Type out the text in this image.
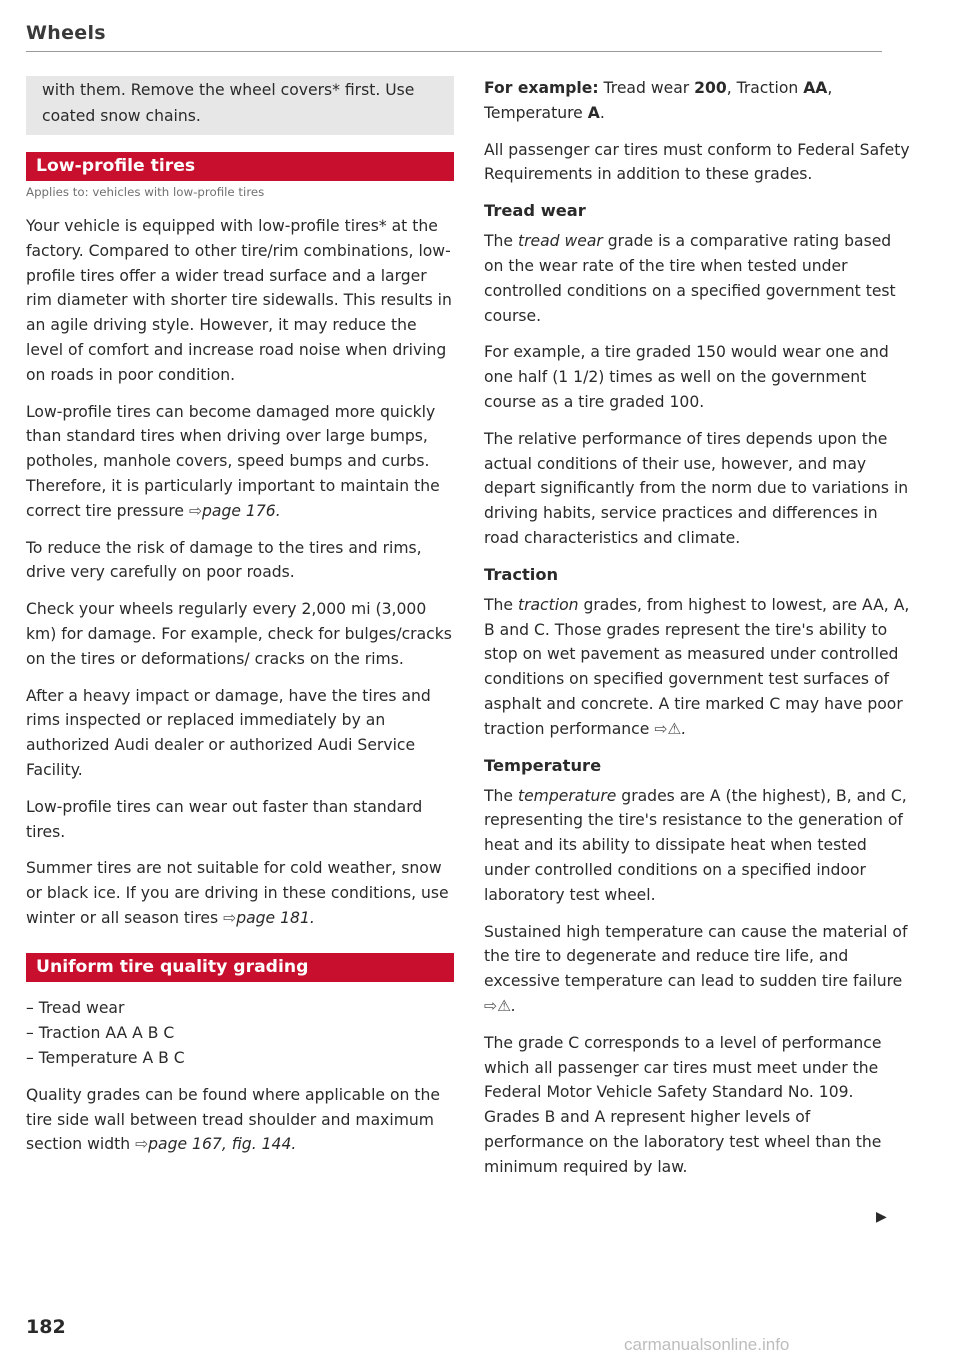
Wheels
with them. Remove the wheel covers* first. Use coated snow chains.
Low-profile tires
Applies to: vehicles with low-profile tires

Your vehicle is equipped with low-profile tires* at the factory. Compared to other tire/rim combinations, low-profile tires offer a wider tread surface and a larger rim diameter with shorter tire sidewalls. This results in an agile driving style. However, it may reduce the level of comfort and increase road noise when driving on roads in poor condition.

Low-profile tires can become damaged more quickly than standard tires when driving over large bumps, potholes, manhole covers, speed bumps and curbs. Therefore, it is particularly important to maintain the correct tire pressure ⇨page 176.

To reduce the risk of damage to the tires and rims, drive very carefully on poor roads.

Check your wheels regularly every 2,000 mi (3,000 km) for damage. For example, check for bulges/cracks on the tires or deformations/ cracks on the rims.

After a heavy impact or damage, have the tires and rims inspected or replaced immediately by an authorized Audi dealer or authorized Audi Service Facility.

Low-profile tires can wear out faster than standard tires.

Summer tires are not suitable for cold weather, snow or black ice. If you are driving in these conditions, use winter or all season tires ⇨page 181.

Uniform tire quality grading
– Tread wear
– Traction AA A B C
– Temperature A B C

Quality grades can be found where applicable on the tire side wall between tread shoulder and maximum section width ⇨page 167, fig. 144.

For example: Tread wear 200, Traction AA, Temperature A.

All passenger car tires must conform to Federal Safety Requirements in addition to these grades.

Tread wear

The tread wear grade is a comparative rating based on the wear rate of the tire when tested under controlled conditions on a specified government test course.

For example, a tire graded 150 would wear one and one half (1 1/2) times as well on the government course as a tire graded 100.

The relative performance of tires depends upon the actual conditions of their use, however, and may depart significantly from the norm due to variations in driving habits, service practices and differences in road characteristics and climate.

Traction

The traction grades, from highest to lowest, are AA, A, B and C. Those grades represent the tire's ability to stop on wet pavement as measured under controlled conditions on specified government test surfaces of asphalt and concrete. A tire marked C may have poor traction performance ⇨⚠.

Temperature

The temperature grades are A (the highest), B, and C, representing the tire's resistance to the generation of heat and its ability to dissipate heat when tested under controlled conditions on a specified indoor laboratory test wheel.

Sustained high temperature can cause the material of the tire to degenerate and reduce tire life, and excessive temperature can lead to sudden tire failure ⇨⚠.

The grade C corresponds to a level of performance which all passenger car tires must meet under the Federal Motor Vehicle Safety Standard No. 109. Grades B and A represent higher levels of performance on the laboratory test wheel than the minimum required by law.

▶
182
carmanualsonline.info
